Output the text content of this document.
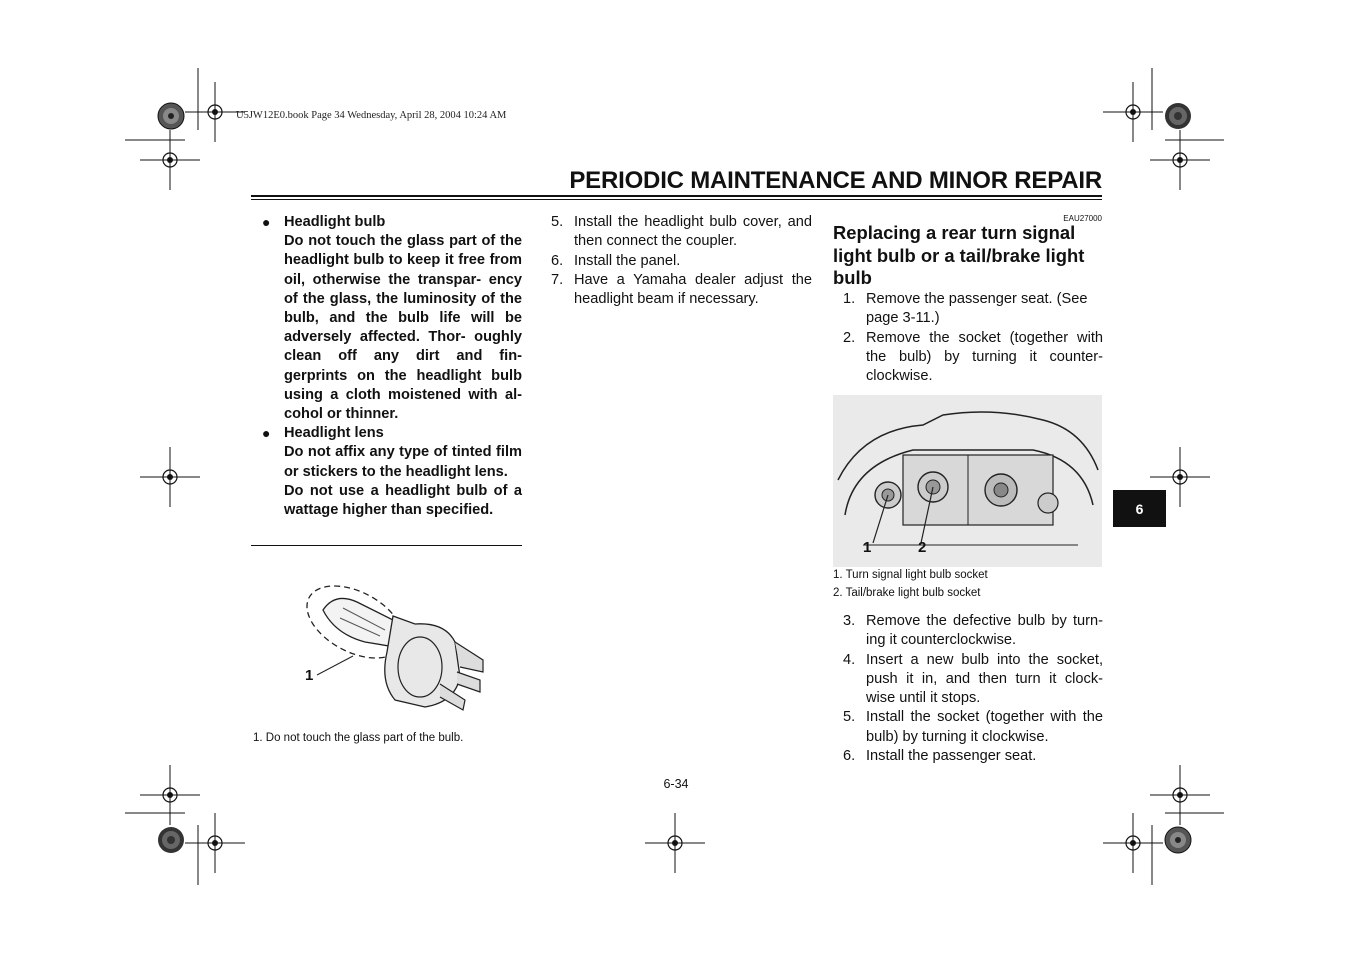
U5JW12E0.book Page 34 Wednesday, April 28, 2004 10:24 AM
PERIODIC MAINTENANCE AND MINOR REPAIR
● Headlight bulb
Do not touch the glass part of the headlight bulb to keep it free from oil, otherwise the transpar- ency of the glass, the luminosity of the bulb, and the bulb life will be adversely affected. Thor- oughly clean off any dirt and fin- gerprints on the headlight bulb using a cloth moistened with al- cohol or thinner.
● Headlight lens
Do not affix any type of tinted film or stickers to the headlight lens.
Do not use a headlight bulb of a wattage higher than specified.
1
1. Do not touch the glass part of the bulb.
5. Install the headlight bulb cover, and then connect the coupler.
6. Install the panel.
7. Have a Yamaha dealer adjust the headlight beam if necessary.
EAU27000
Replacing a rear turn signal light bulb or a tail/brake light bulb
1. Remove the passenger seat. (See page 3-11.)
2. Remove the socket (together with the bulb) by turning it counter- clockwise.
1	2
1. Turn signal light bulb socket
2. Tail/brake light bulb socket
3. Remove the defective bulb by turn- ing it counterclockwise.
4. Insert a new bulb into the socket, push it in, and then turn it clock- wise until it stops.
5. Install the socket (together with the bulb) by turning it clockwise.
6. Install the passenger seat.
6
6-34
